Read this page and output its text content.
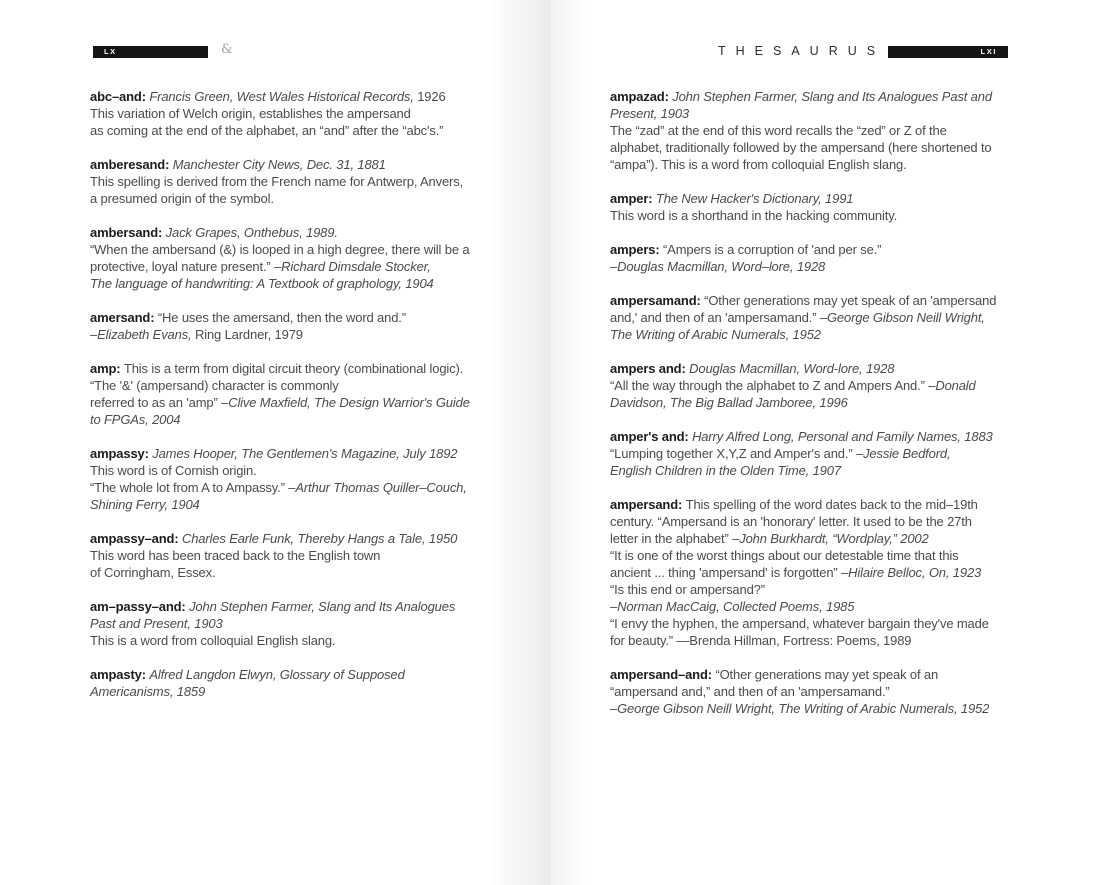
LX	&
abc–and: Francis Green, West Wales Historical Records, 1926
This variation of Welch origin, establishes the ampersand
as coming at the end of the alphabet, an “and” after the “abc's.”
amberesand: Manchester City News, Dec. 31, 1881
This spelling is derived from the French name for Antwerp, Anvers,
a presumed origin of the symbol.
ambersand: Jack Grapes, Onthebus, 1989.
“When the ambersand (&) is looped in a high degree, there will be a
protective, loyal nature present.” –Richard Dimsdale Stocker,
The language of handwriting: A Textbook of graphology, 1904
amersand: “He uses the amersand, then the word and.”
–Elizabeth Evans, Ring Lardner, 1979
amp: This is a term from digital circuit theory (combinational logic).
“The '&' (ampersand) character is commonly
referred to as an 'amp” –Clive Maxfield, The Design Warrior's Guide
to FPGAs, 2004
ampassy: James Hooper, The Gentlemen's Magazine, July 1892
This word is of Cornish origin.
“The whole lot from A to Ampassy.” –Arthur Thomas Quiller–Couch,
Shining Ferry, 1904
ampassy–and: Charles Earle Funk, Thereby Hangs a Tale, 1950
This word has been traced back to the English town
of Corringham, Essex.
am–passy–and: John Stephen Farmer, Slang and Its Analogues
Past and Present, 1903
This is a word from colloquial English slang.
ampasty: Alfred Langdon Elwyn, Glossary of Supposed
Americanisms, 1859
THESAURUS	LXI
ampazad: John Stephen Farmer, Slang and Its Analogues Past and
Present, 1903
The “zad” at the end of this word recalls the “zed” or Z of the
alphabet, traditionally followed by the ampersand (here shortened to
“ampa”). This is a word from colloquial English slang.
amper: The New Hacker's Dictionary, 1991
This word is a shorthand in the hacking community.
ampers: “Ampers is a corruption of 'and per se.”
–Douglas Macmillan, Word–lore, 1928
ampersamand: “Other generations may yet speak of an 'ampersand
and,' and then of an 'ampersamand.” –George Gibson Neill Wright,
The Writing of Arabic Numerals, 1952
ampers and: Douglas Macmillan, Word-lore, 1928
“All the way through the alphabet to Z and Ampers And.” –Donald
Davidson, The Big Ballad Jamboree, 1996
amper's and: Harry Alfred Long, Personal and Family Names, 1883
“Lumping together X,Y,Z and Amper's and.” –Jessie Bedford,
English Children in the Olden Time, 1907
ampersand: This spelling of the word dates back to the mid–19th
century. “Ampersand is an 'honorary' letter. It used to be the 27th
letter in the alphabet” –John Burkhardt, “Wordplay,” 2002
“It is one of the worst things about our detestable time that this
ancient ... thing 'ampersand' is forgotten” –Hilaire Belloc, On, 1923
“Is this end or ampersand?”
–Norman MacCaig, Collected Poems, 1985
“I envy the hyphen, the ampersand, whatever bargain they've made
for beauty.” —Brenda Hillman, Fortress: Poems, 1989
ampersand–and: “Other generations may yet speak of an
“ampersand and,” and then of an 'ampersamand.”
–George Gibson Neill Wright, The Writing of Arabic Numerals, 1952
